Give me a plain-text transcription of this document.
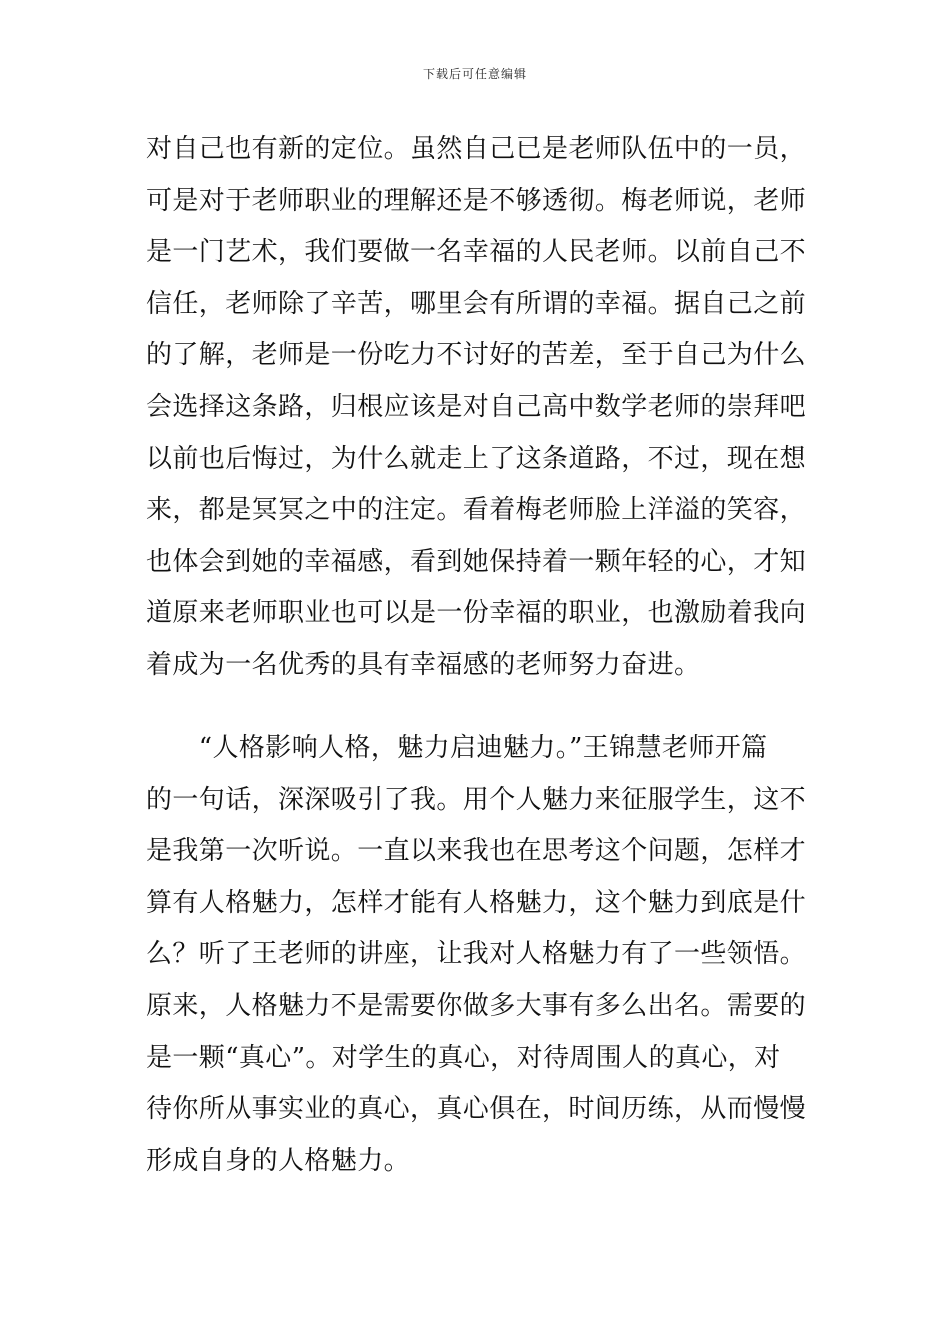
下载后可任意编辑
对自己也有新的定位。虽然自己已是老师队伍中的一员，
可是对于老师职业的理解还是不够透彻。梅老师说，老师
是一门艺术，我们要做一名幸福的人民老师。以前自己不
信任，老师除了辛苦，哪里会有所谓的幸福。据自己之前
的了解，老师是一份吃力不讨好的苦差，至于自己为什么
会选择这条路，归根应该是对自己高中数学老师的崇拜吧
以前也后悔过，为什么就走上了这条道路，不过，现在想
来，都是冥冥之中的注定。看着梅老师脸上洋溢的笑容，
也体会到她的幸福感，看到她保持着一颗年轻的心，才知
道原来老师职业也可以是一份幸福的职业，也激励着我向
着成为一名优秀的具有幸福感的老师努力奋进。
　　“人格影响人格，魅力启迪魅力。”王锦慧老师开篇
的一句话，深深吸引了我。用个人魅力来征服学生，这不
是我第一次听说。一直以来我也在思考这个问题，怎样才
算有人格魅力，怎样才能有人格魅力，这个魅力到底是什
么？听了王老师的讲座，让我对人格魅力有了一些领悟。
原来，人格魅力不是需要你做多大事有多么出名。需要的
是一颗“真心”。对学生的真心，对待周围人的真心，对
待你所从事实业的真心，真心俱在，时间历练，从而慢慢
形成自身的人格魅力。
